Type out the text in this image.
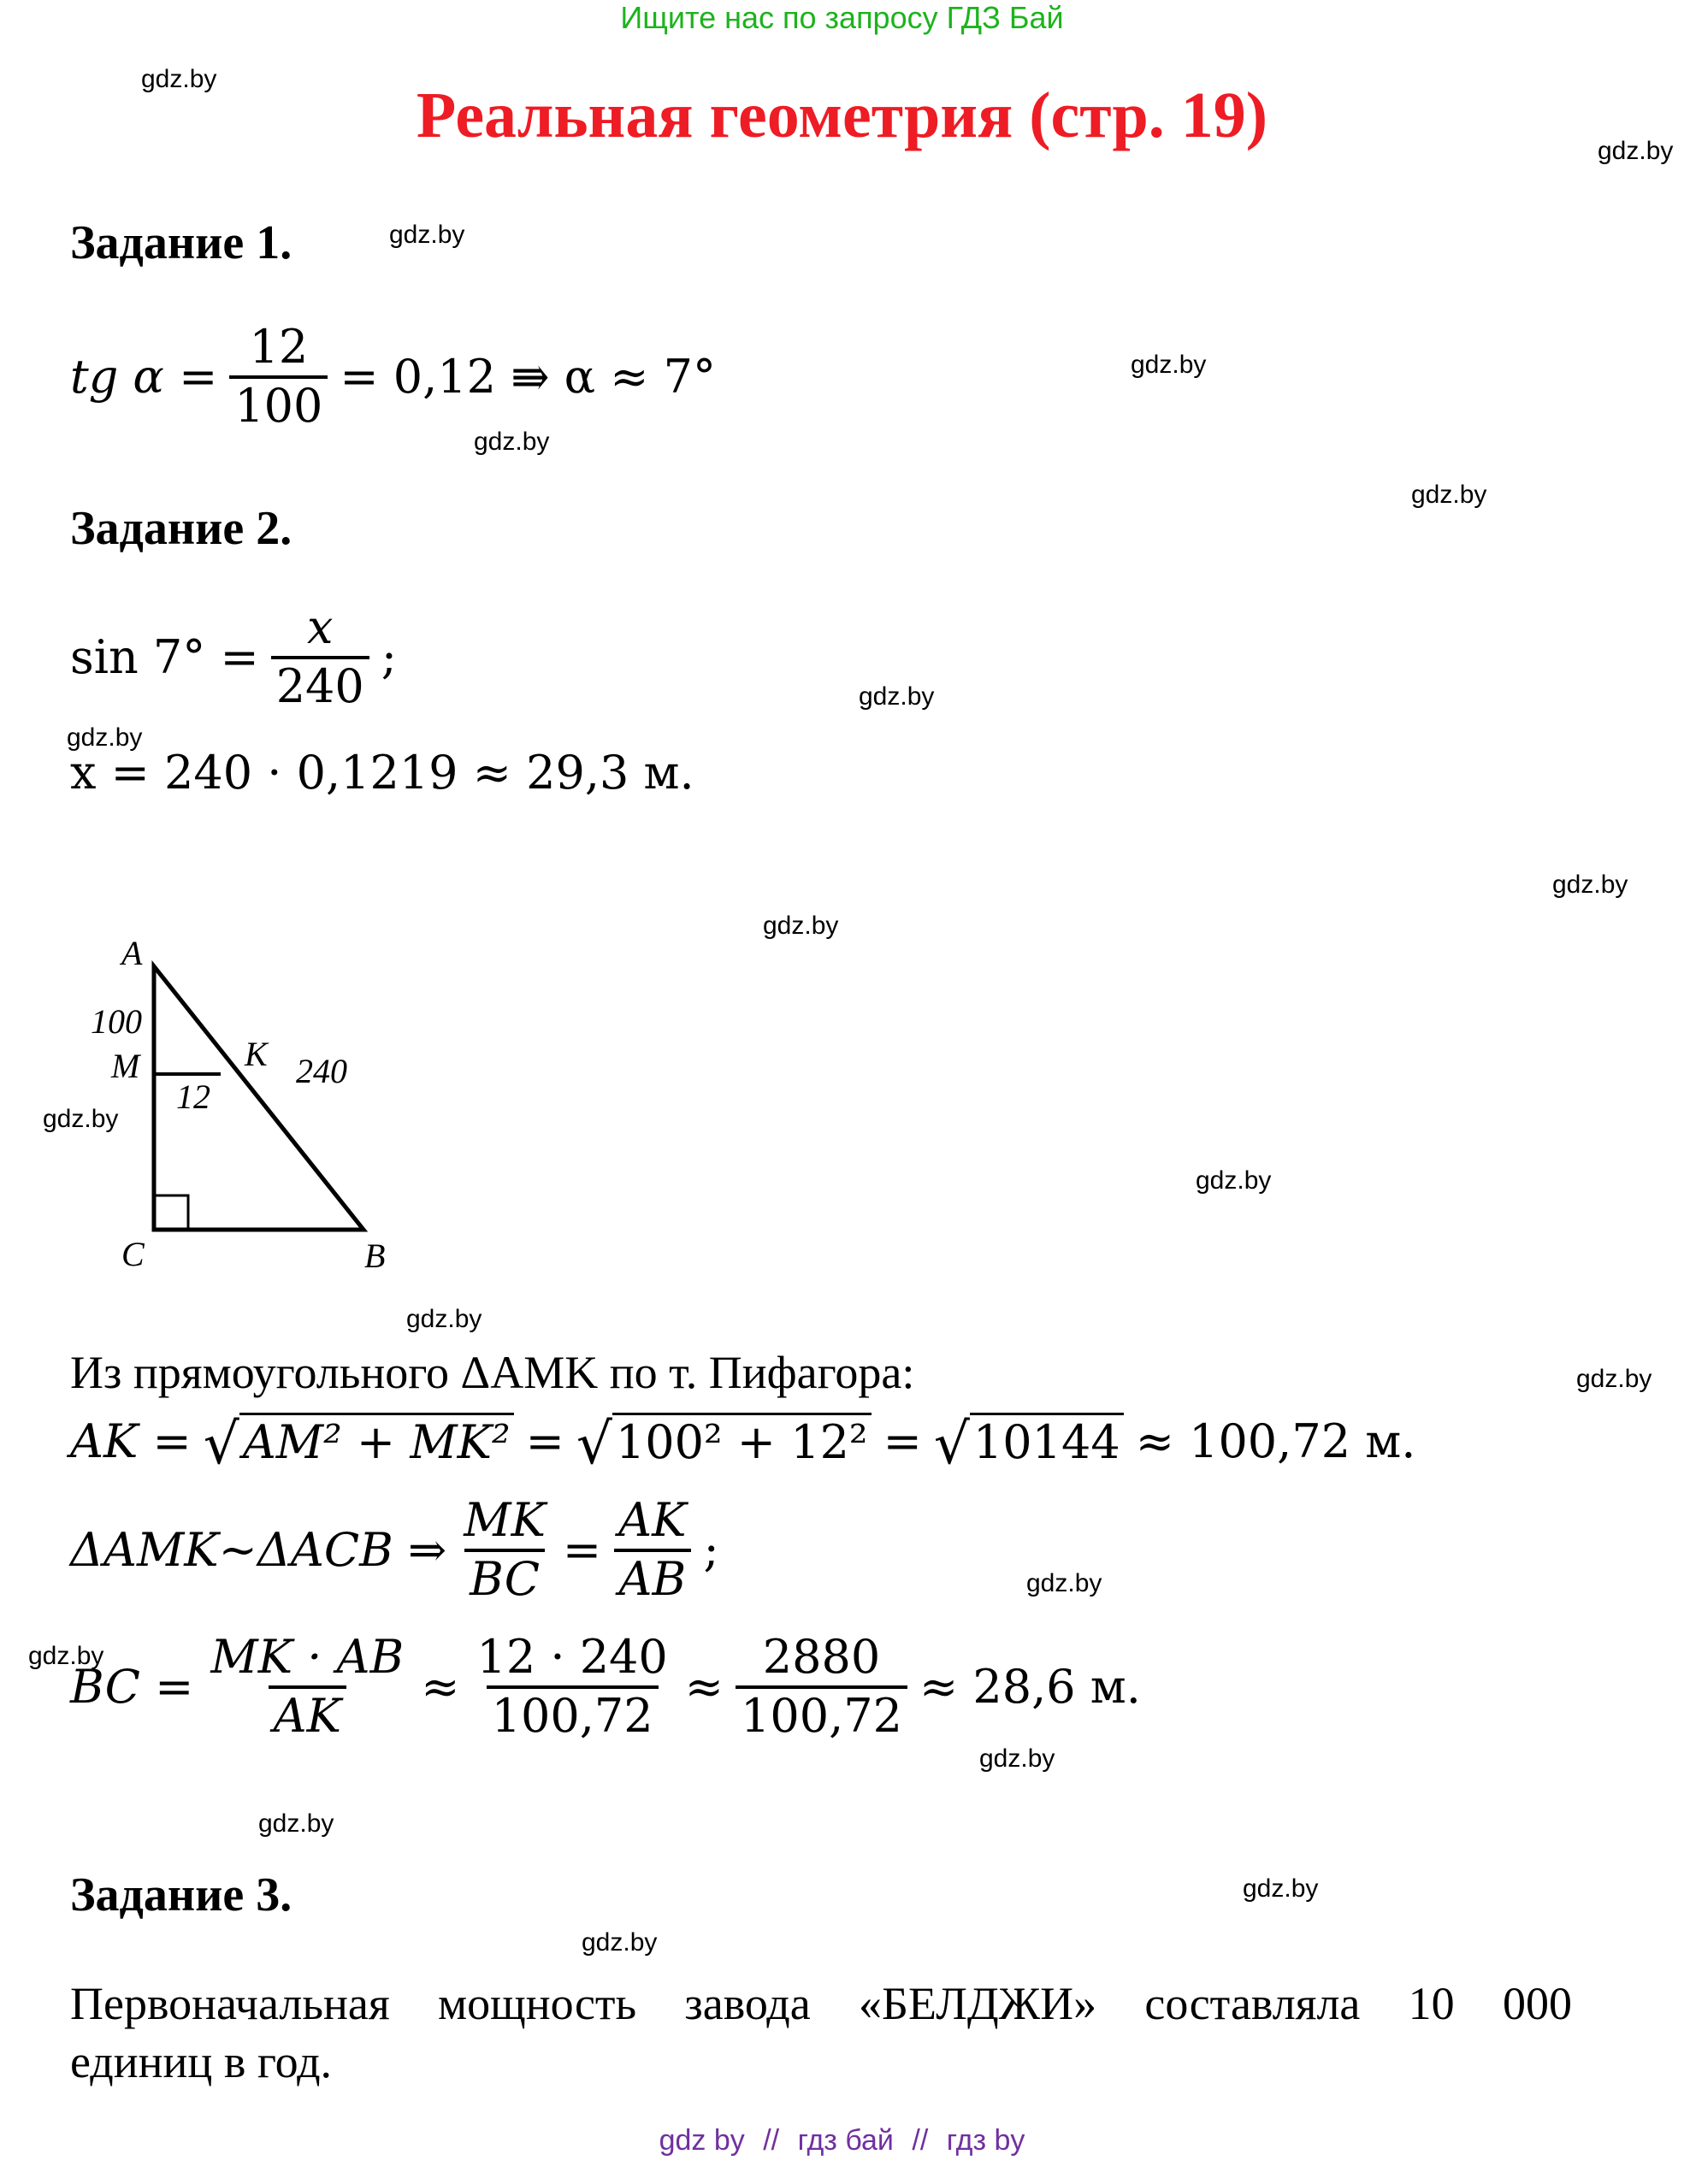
Ищите нас по запросу ГДЗ Бай
Реальная геометрия (стр. 19)
gdz.by
gdz.by
gdz.by
gdz.by
gdz.by
gdz.by
gdz.by
gdz.by
gdz.by
gdz.by
gdz.by
gdz.by
gdz.by
gdz.by
gdz.by
gdz.by
gdz.by
gdz.by
gdz.by
gdz.by
Задание 1.
tg $\alpha = \frac{12}{100} = 0,12$ ⇛ α ≈ 7°
Задание 2.
$\sin 7^\circ = \frac{x}{240}$ ;
x = 240 · 0,1219 ≈ 29,3 м.
A
100
M
12
K 240
C	B
Из прямоугольного ΔAMK по т. Пифагора:
AK = √ AM² + MK² = √ 100² + 12² = √ 10144 ≈ 100,72 м.
ΔAMK~ΔACB ⇒ $\frac{MK}{BC} = \frac{AK}{AB}$ ;
BC = $\frac{MK \cdot AB}{AK} \approx \frac{12 \cdot 240}{100,72} \approx \frac{2880}{100,72} \approx 28,6$ м.
Задание 3.
Первоначальная мощность завода «БЕЛДЖИ» составляла 10 000
единиц в год.
gdz by // гдз бай // гдз by
